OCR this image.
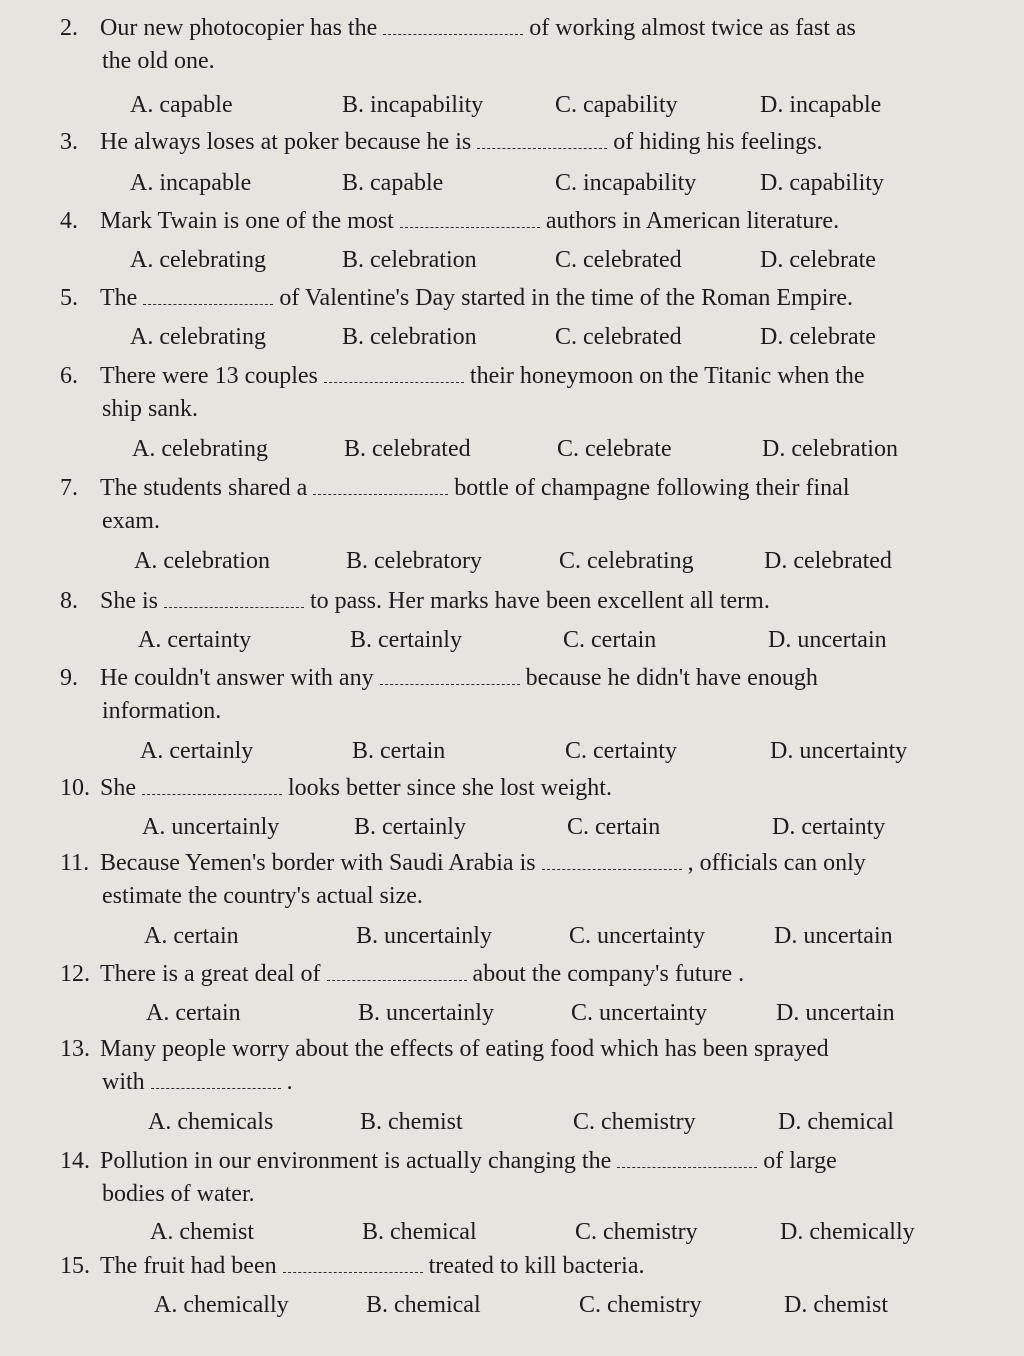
2. Our new photocopier has the	of working almost twice as fast as
the old one.
A. capable	B. incapability	C. capability	D. incapable
3. He always loses at poker because he is	of hiding his feelings.
A. incapable	B. capable	C. incapability	D. capability
4. Mark Twain is one of the most	authors in American literature.
A. celebrating	B. celebration	C. celebrated	D. celebrate
5. The	of Valentine's Day started in the time of the Roman Empire.
A. celebrating	B. celebration	C. celebrated	D. celebrate
6. There were 13 couples	their honeymoon on the Titanic when the
ship sank.
A. celebrating	B. celebrated	C. celebrate	D. celebration
7. The students shared a	bottle of champagne following their final
exam.
A. celebration	B. celebratory	C. celebrating	D. celebrated
8. She is	to pass. Her marks have been excellent all term.
A. certainty	B. certainly	C. certain	D. uncertain
9. He couldn't answer with any	because he didn't have enough
information.
A. certainly	B. certain	C. certainty	D. uncertainty
10. She	looks better since she lost weight.
A. uncertainly	B. certainly	C. certain	D. certainty
11. Because Yemen's border with Saudi Arabia is	, officials can only
estimate the country's actual size.
A. certain	B. uncertainly	C. uncertainty	D. uncertain
12. There is a great deal of	about the company's future .
A. certain	B. uncertainly	C. uncertainty	D. uncertain
13. Many people worry about the effects of eating food which has been sprayed
with	.
A. chemicals	B. chemist	C. chemistry	D. chemical
14. Pollution in our environment is actually changing the	of large
bodies of water.
A. chemist	B. chemical	C. chemistry	D. chemically
15. The fruit had been	treated to kill bacteria.
A. chemically	B. chemical	C. chemistry	D. chemist
